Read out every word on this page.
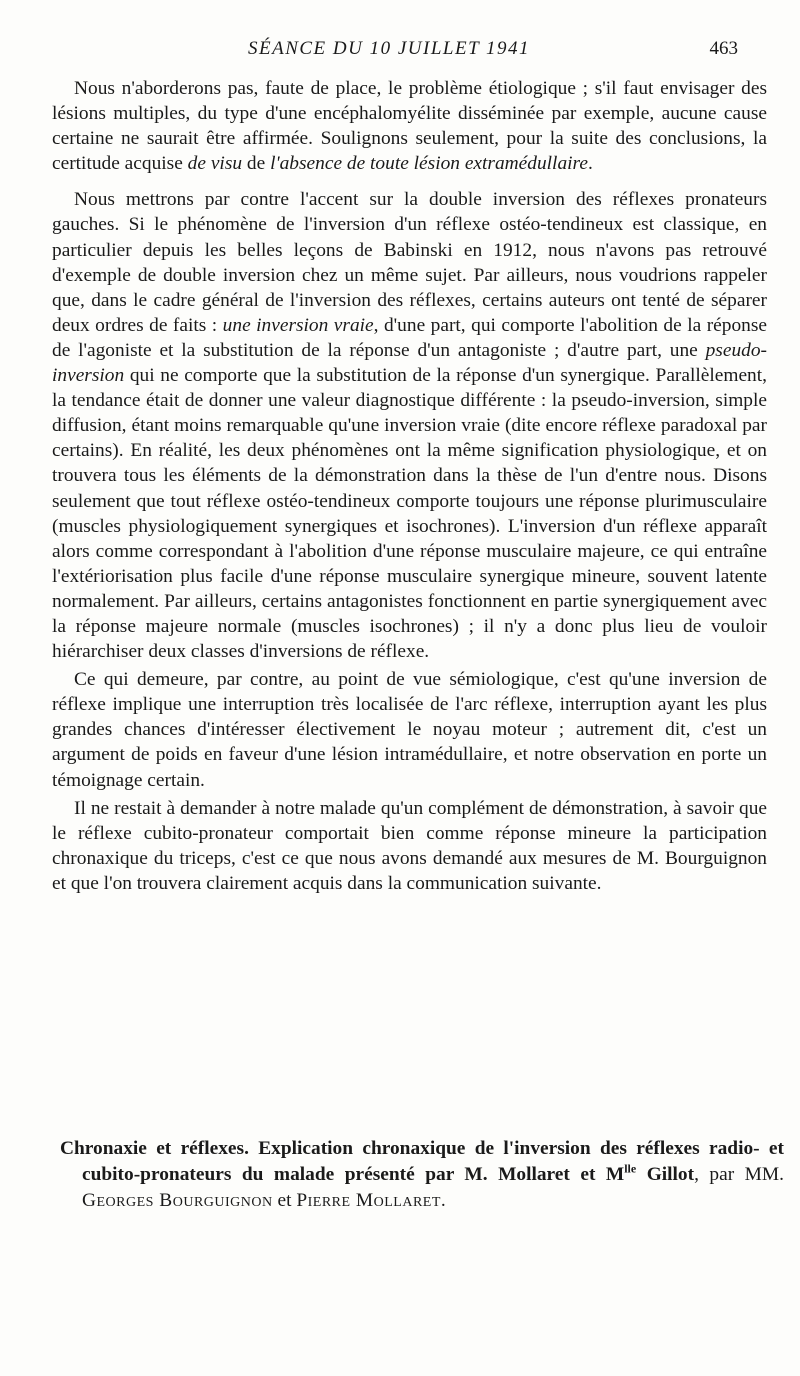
SÉANCE DU 10 JUILLET 1941	463

Nous n'aborderons pas, faute de place, le problème étiologique ; s'il faut envisager des lésions multiples, du type d'une encéphalomyélite disséminée par exemple, aucune cause certaine ne saurait être affirmée. Soulignons seulement, pour la suite des conclusions, la certitude acquise de visu de l'absence de toute lésion extramédullaire.

Nous mettrons par contre l'accent sur la double inversion des réflexes pronateurs gauches. Si le phénomène de l'inversion d'un réflexe ostéo-tendineux est classique, en particulier depuis les belles leçons de Babinski en 1912, nous n'avons pas retrouvé d'exemple de double inversion chez un même sujet. Par ailleurs, nous voudrions rappeler que, dans le cadre général de l'inversion des réflexes, certains auteurs ont tenté de séparer deux ordres de faits : une inversion vraie, d'une part, qui comporte l'abolition de la réponse de l'agoniste et la substitution de la réponse d'un antagoniste ; d'autre part, une pseudo-inversion qui ne comporte que la substitution de la réponse d'un synergique. Parallèlement, la tendance était de donner une valeur diagnostique différente : la pseudo-inversion, simple diffusion, étant moins remarquable qu'une inversion vraie (dite encore réflexe paradoxal par certains). En réalité, les deux phénomènes ont la même signification physiologique, et on trouvera tous les éléments de la démonstration dans la thèse de l'un d'entre nous. Disons seulement que tout réflexe ostéo-tendineux comporte toujours une réponse plurimusculaire (muscles physiologiquement synergiques et isochrones). L'inversion d'un réflexe apparaît alors comme correspondant à l'abolition d'une réponse musculaire majeure, ce qui entraîne l'extériorisation plus facile d'une réponse musculaire synergique mineure, souvent latente normalement. Par ailleurs, certains antagonistes fonctionnent en partie synergiquement avec la réponse majeure normale (muscles isochrones) ; il n'y a donc plus lieu de vouloir hiérarchiser deux classes d'inversions de réflexe.

Ce qui demeure, par contre, au point de vue sémiologique, c'est qu'une inversion de réflexe implique une interruption très localisée de l'arc réflexe, interruption ayant les plus grandes chances d'intéresser électivement le noyau moteur ; autrement dit, c'est un argument de poids en faveur d'une lésion intramédullaire, et notre observation en porte un témoignage certain.

Il ne restait à demander à notre malade qu'un complément de démonstration, à savoir que le réflexe cubito-pronateur comportait bien comme réponse mineure la participation chronaxique du triceps, c'est ce que nous avons demandé aux mesures de M. Bourguignon et que l'on trouvera clairement acquis dans la communication suivante.

Chronaxie et réflexes. Explication chronaxique de l'inversion des réflexes radio- et cubito-pronateurs du malade présenté par M. Mollaret et $M^{lle}$ Gillot, par MM. Georges Bourguignon et Pierre Mollaret.
